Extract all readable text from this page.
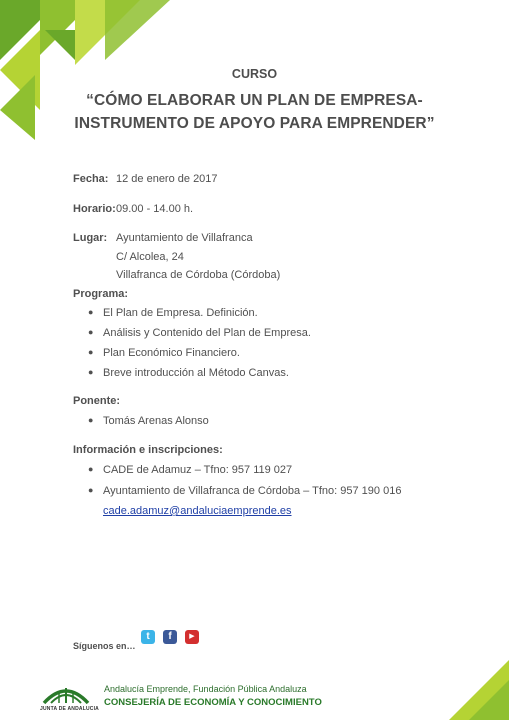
CURSO
“CÓMO ELABORAR UN PLAN DE EMPRESA-
INSTRUMENTO DE APOYO PARA EMPRENDER”
Fecha: 12 de enero de 2017
Horario: 09.00 - 14.00 h.
Lugar: Ayuntamiento de Villafranca
C/ Alcolea, 24
Villafranca de Córdoba (Córdoba)
Programa:
● El Plan de Empresa. Definición.
● Análisis y Contenido del Plan de Empresa.
● Plan Económico Financiero.
● Breve introducción al Método Canvas.
Ponente:
● Tomás Arenas Alonso
Información e inscripciones:
● CADE de Adamuz – Tfno: 957 119 027
● Ayuntamiento de Villafranca de Córdoba – Tfno: 957 190 016
cade.adamuz@andaluciaemprende.es
Síguenos en…
t	f	▶
JUNTA DE ANDALUCIA
Andalucía Emprende, Fundación Pública Andaluza
CONSEJERÍA DE ECONOMÍA Y CONOCIMIENTO
